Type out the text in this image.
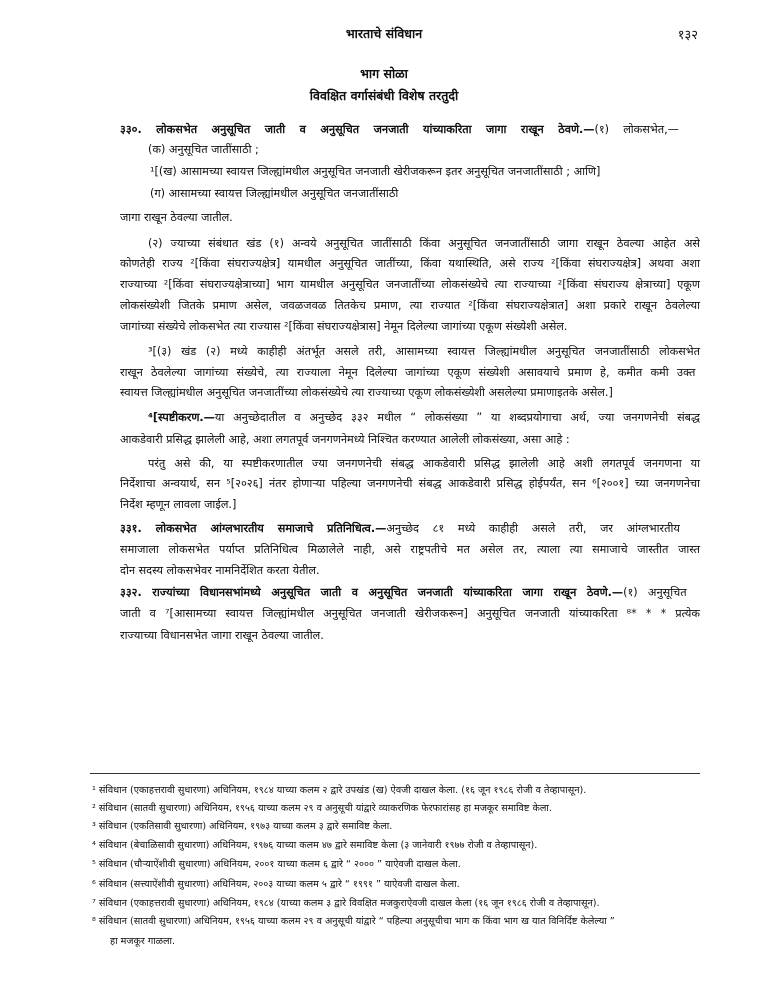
भारताचे संविधान	१३२
भाग सोळा
विवक्षित वर्गासंबंधी विशेष तरतुदी
३३०. लोकसभेत अनुसूचित जाती व अनुसूचित जनजाती यांच्याकरिता जागा राखून ठेवणे.—(१) लोकसभेत,—
(क) अनुसूचित जातींसाठी ;
¹[(ख) आसामच्या स्वायत्त जिल्ह्यांमधील अनुसूचित जनजाती खेरीजकरून इतर अनुसूचित जनजातींसाठी ; आणि]
(ग) आसामच्या स्वायत्त जिल्ह्यांमधील अनुसूचित जनजातींसाठी
जागा राखून ठेवल्या जातील.
(२) ज्याच्या संबंधात खंड (१) अन्वये अनुसूचित जातींसाठी किंवा अनुसूचित जनजातींसाठी जागा राखून ठेवल्या आहेत असे
कोणतेही राज्य ²[किंवा संघराज्यक्षेत्र] यामधील अनुसूचित जातींच्या, किंवा यथास्थिति, असे राज्य ²[किंवा संघराज्यक्षेत्र] अथवा अशा
राज्याच्या ²[किंवा संघराज्यक्षेत्राच्या] भाग यामधील अनुसूचित जनजातींच्या लोकसंख्येचे त्या राज्याच्या ²[किंवा संघराज्य क्षेत्राच्या] एकूण
लोकसंख्येशी जितके प्रमाण असेल, जवळजवळ तितकेच प्रमाण, त्या राज्यात ²[किंवा संघराज्यक्षेत्रात] अशा प्रकारे राखून ठेवलेल्या
जागांच्या संख्येचे लोकसभेत त्या राज्यास ²[किंवा संघराज्यक्षेत्रास] नेमून दिलेल्या जागांच्या एकूण संख्येशी असेल.
³[(३) खंड (२) मध्ये काहीही अंतर्भूत असले तरी, आसामच्या स्वायत्त जिल्ह्यांमधील अनुसूचित जनजातींसाठी लोकसभेत
राखून ठेवलेल्या जागांच्या संख्येचे, त्या राज्याला नेमून दिलेल्या जागांच्या एकूण संख्येशी असावयाचे प्रमाण हे, कमीत कमी उक्त
स्वायत्त जिल्ह्यांमधील अनुसूचित जनजातींच्या लोकसंख्येचे त्या राज्याच्या एकूण लोकसंख्येशी असलेल्या प्रमाणाइतके असेल.]
⁴[स्पष्टीकरण.—या अनुच्छेदातील व अनुच्छेद ३३२ मधील “ लोकसंख्या ” या शब्दप्रयोगाचा अर्थ, ज्या जनगणनेची संबद्ध
आकडेवारी प्रसिद्ध झालेली आहे, अशा लगतपूर्व जनगणनेमध्ये निश्चित करण्यात आलेली लोकसंख्या, असा आहे :
परंतु असे की, या स्पष्टीकरणातील ज्या जनगणनेची संबद्ध आकडेवारी प्रसिद्ध झालेली आहे अशी लगतपूर्व जनगणना या
निर्देशाचा अन्वयार्थ, सन ⁵[२०२६] नंतर होणाऱ्या पहिल्या जनगणनेची संबद्ध आकडेवारी प्रसिद्ध होईपर्यंत, सन ⁶[२००१] च्या जनगणनेचा
निर्देश म्हणून लावला जाईल.]
३३१. लोकसभेत आंग्लभारतीय समाजाचे प्रतिनिधित्व.—अनुच्छेद ८१ मध्ये काहीही असले तरी, जर आंग्लभारतीय
समाजाला लोकसभेत पर्याप्त प्रतिनिधित्व मिळालेले नाही, असे राष्ट्रपतीचे मत असेल तर, त्याला त्या समाजाचे जास्तीत जास्त
दोन सदस्य लोकसभेवर नामनिर्देशित करता येतील.
३३२. राज्यांच्या विधानसभांमध्ये अनुसूचित जाती व अनुसूचित जनजाती यांच्याकरिता जागा राखून ठेवणे.—(१) अनुसूचित
जाती व ⁷[आसामच्या स्वायत्त जिल्ह्यांमधील अनुसूचित जनजाती खेरीजकरून] अनुसूचित जनजाती यांच्याकरिता ⁸* * * प्रत्येक
राज्याच्या विधानसभेत जागा राखून ठेवल्या जातील.
¹ संविधान (एकाहत्तरावी सुधारणा) अधिनियम, १९८४ याच्या कलम २ द्वारे उपखंड (ख) ऐवजी दाखल केला. (१६ जून १९८६ रोजी व तेव्हापासून).
² संविधान (सातवी सुधारणा) अधिनियम, १९५६ याच्या कलम २९ व अनुसूची यांद्वारे व्याकरणिक फेरफारांसह हा मजकूर समाविष्ट केला.
³ संविधान (एकतिसावी सुधारणा) अधिनियम, १९७३ याच्या कलम ३ द्वारे समाविष्ट केला.
⁴ संविधान (बेचाळिसावी सुधारणा) अधिनियम, १९७६ याच्या कलम ४७ द्वारे समाविष्ट केला (३ जानेवारी १९७७ रोजी व तेव्हापासून).
⁵ संविधान (चौऱ्याऐंशीवी सुधारणा) अधिनियम, २००१ याच्या कलम ६ द्वारे “ २००० ” याऐवजी दाखल केला.
⁶ संविधान (सत्त्याऐंशीवी सुधारणा) अधिनियम, २००३ याच्या कलम ५ द्वारे “ १९९१ ” याऐवजी दाखल केला.
⁷ संविधान (एकाहत्तरावी सुधारणा) अधिनियम, १९८४ (याच्या कलम ३ द्वारे विवक्षित मजकुराऐवजी दाखल केला (१६ जून १९८६ रोजी व तेव्हापासून).
⁸ संविधान (सातवी सुधारणा) अधिनियम, १९५६ याच्या कलम २९ व अनुसूची यांद्वारे “ पहिल्या अनुसूचीचा भाग क किंवा भाग ख यात विनिर्दिष्ट केलेल्या ”
हा मजकूर गाळला.
